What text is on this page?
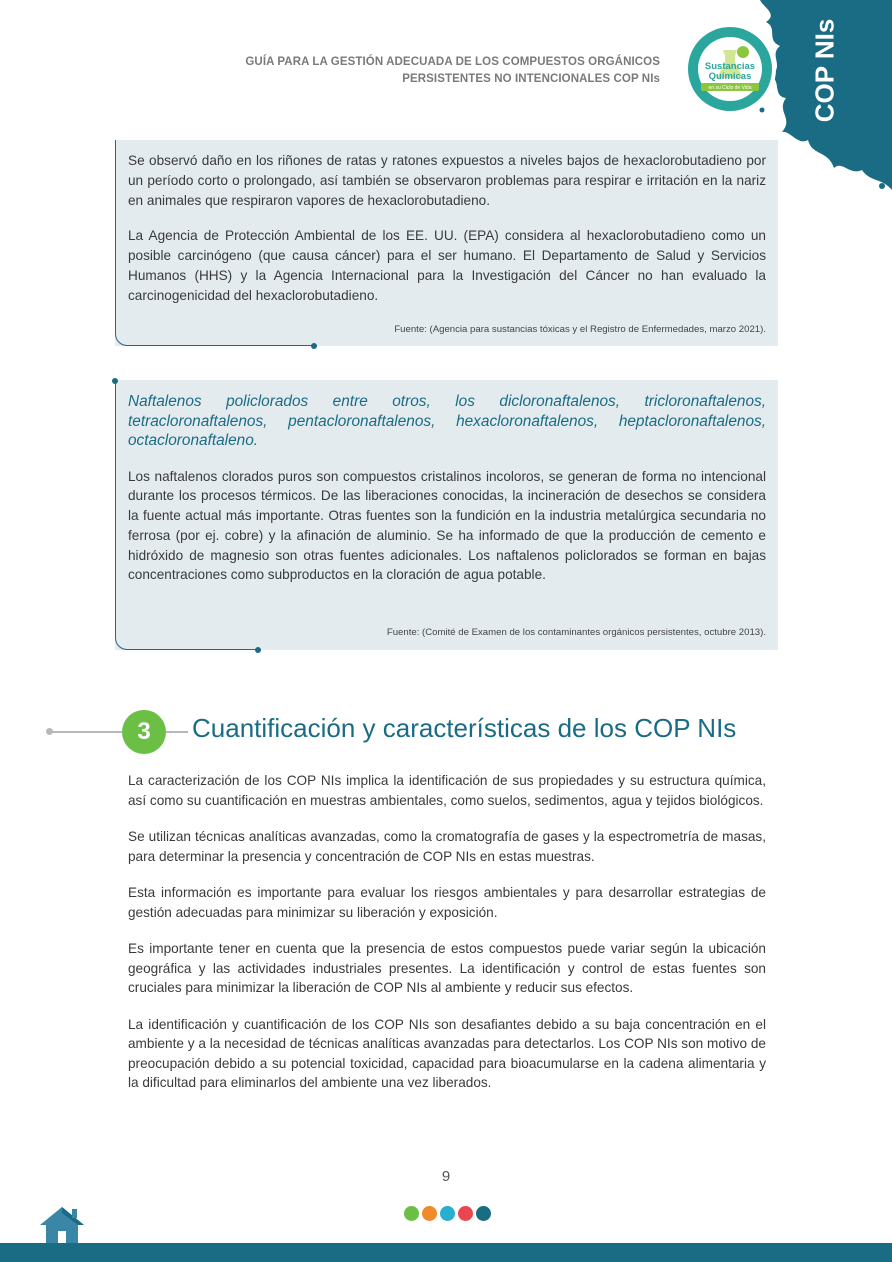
GUÍA PARA LA GESTIÓN ADECUADA DE LOS COMPUESTOS ORGÁNICOS
PERSISTENTES NO INTENCIONALES COP NIs	COP NIs
Sustancias
Químicas
en su Ciclo de Vida

Se observó daño en los riñones de ratas y ratones expuestos a niveles bajos de hexaclorobutadieno por un período corto o prolongado, así también se observaron problemas para respirar e irritación en la nariz en animales que respiraron vapores de hexaclorobutadieno.

La Agencia de Protección Ambiental de los EE. UU. (EPA) considera al hexaclorobutadieno como un posible carcinógeno (que causa cáncer) para el ser humano. El Departamento de Salud y Servicios Humanos (HHS) y la Agencia Internacional para la Investigación del Cáncer no han evaluado la carcinogenicidad del hexaclorobutadieno.

Fuente: (Agencia para sustancias tóxicas y el Registro de Enfermedades, marzo 2021).

Naftalenos policlorados entre otros, los dicloronaftalenos, tricloronaftalenos, tetracloronaftalenos, pentacloronaftalenos, hexacloronaftalenos, heptacloronaftalenos, octacloronaftaleno.

Los naftalenos clorados puros son compuestos cristalinos incoloros, se generan de forma no intencional durante los procesos térmicos. De las liberaciones conocidas, la incineración de desechos se considera la fuente actual más importante. Otras fuentes son la fundición en la industria metalúrgica secundaria no ferrosa (por ej. cobre) y la afinación de aluminio. Se ha informado de que la producción de cemento e hidróxido de magnesio son otras fuentes adicionales. Los naftalenos policlorados se forman en bajas concentraciones como subproductos en la cloración de agua potable.

Fuente: (Comité de Examen de los contaminantes orgánicos persistentes, octubre 2013).
3	Cuantificación y características de los COP NIs

La caracterización de los COP NIs implica la identificación de sus propiedades y su estructura química, así como su cuantificación en muestras ambientales, como suelos, sedimentos, agua y tejidos biológicos.

Se utilizan técnicas analíticas avanzadas, como la cromatografía de gases y la espectrometría de masas, para determinar la presencia y concentración de COP NIs en estas muestras.

Esta información es importante para evaluar los riesgos ambientales y para desarrollar estrategias de gestión adecuadas para minimizar su liberación y exposición.

Es importante tener en cuenta que la presencia de estos compuestos puede variar según la ubicación geográfica y las actividades industriales presentes. La identificación y control de estas fuentes son cruciales para minimizar la liberación de COP NIs al ambiente y reducir sus efectos.

La identificación y cuantificación de los COP NIs son desafiantes debido a su baja concentración en el ambiente y a la necesidad de técnicas analíticas avanzadas para detectarlos. Los COP NIs son motivo de preocupación debido a su potencial toxicidad, capacidad para bioacumularse en la cadena alimentaria y la dificultad para eliminarlos del ambiente una vez liberados.

9
